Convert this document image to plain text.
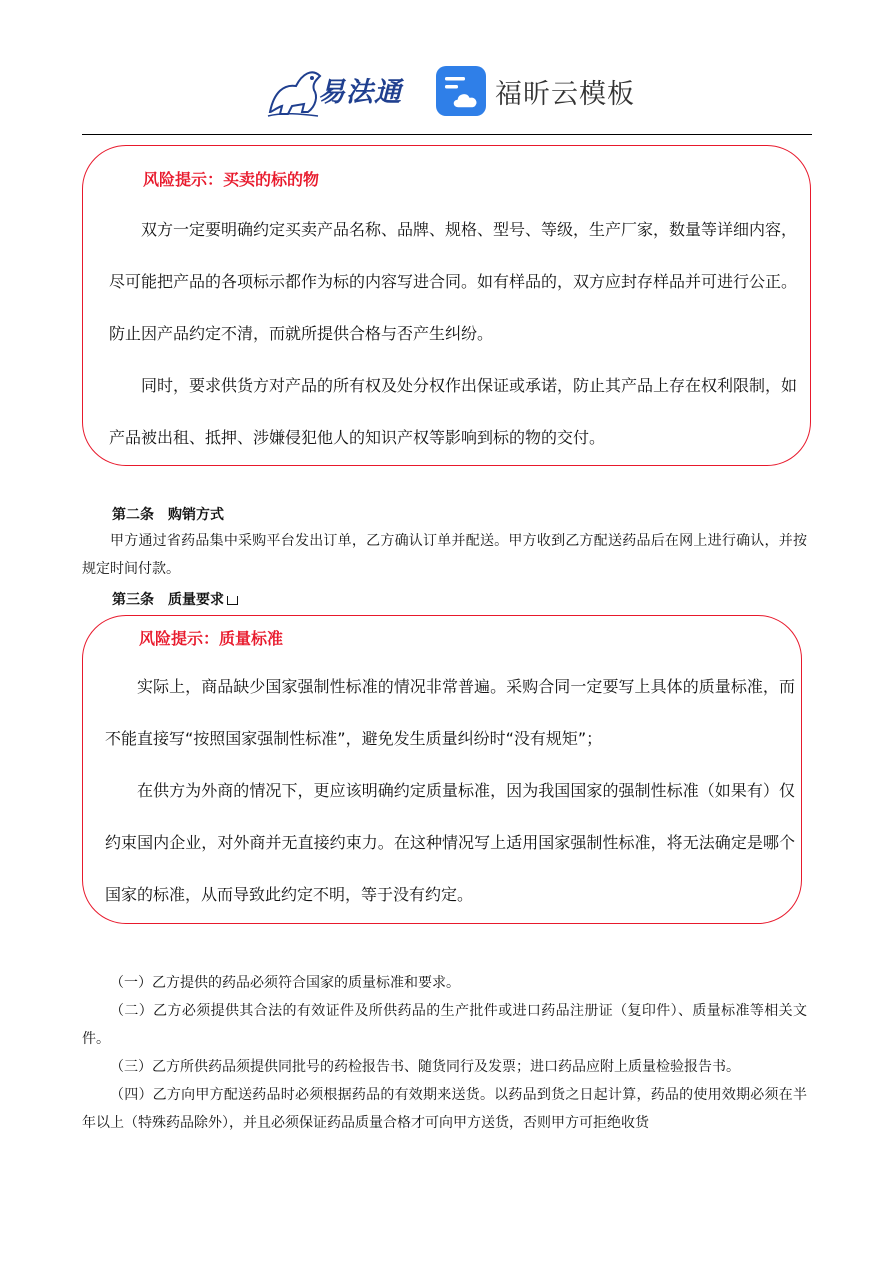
易法通	福昕云模板
风险提示：买卖的标的物

双方一定要明确约定买卖产品名称、品牌、规格、型号、等级，生产厂家，数量等详细内容，尽可能把产品的各项标示都作为标的内容写进合同。如有样品的，双方应封存样品并可进行公正。防止因产品约定不清，而就所提供合格与否产生纠纷。

同时，要求供货方对产品的所有权及处分权作出保证或承诺，防止其产品上存在权利限制，如产品被出租、抵押、涉嫌侵犯他人的知识产权等影响到标的物的交付。

第二条　购销方式

甲方通过省药品集中采购平台发出订单，乙方确认订单并配送。甲方收到乙方配送药品后在网上进行确认，并按规定时间付款。

第三条　质量要求
风险提示：质量标准

实际上，商品缺少国家强制性标准的情况非常普遍。采购合同一定要写上具体的质量标准，而不能直接写“按照国家强制性标准”，避免发生质量纠纷时“没有规矩”；

在供方为外商的情况下，更应该明确约定质量标准，因为我国国家的强制性标准（如果有）仅约束国内企业，对外商并无直接约束力。在这种情况写上适用国家强制性标准，将无法确定是哪个国家的标准，从而导致此约定不明，等于没有约定。

（一）乙方提供的药品必须符合国家的质量标准和要求。

（二）乙方必须提供其合法的有效证件及所供药品的生产批件或进口药品注册证（复印件）、质量标准等相关文件。

（三）乙方所供药品须提供同批号的药检报告书、随货同行及发票；进口药品应附上质量检验报告书。

（四）乙方向甲方配送药品时必须根据药品的有效期来送货。以药品到货之日起计算，药品的使用效期必须在半年以上（特殊药品除外），并且必须保证药品质量合格才可向甲方送货，否则甲方可拒绝收货
